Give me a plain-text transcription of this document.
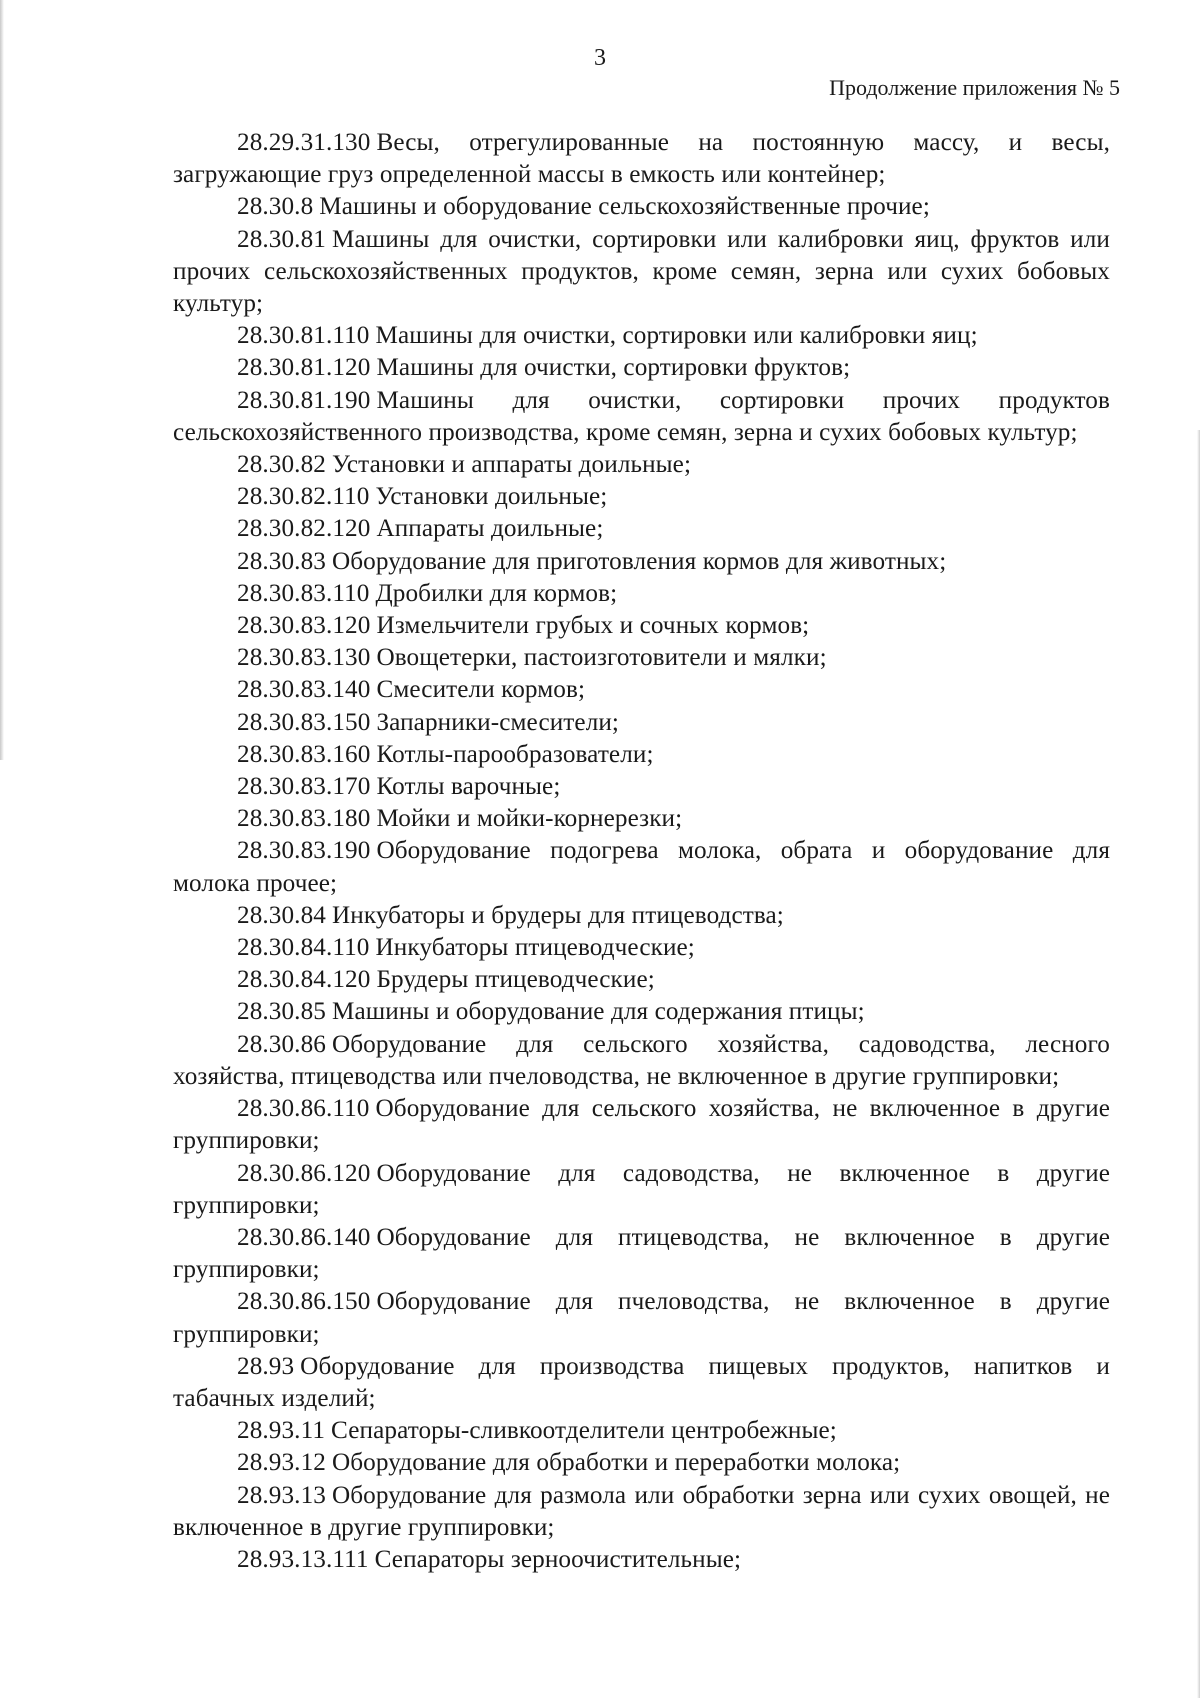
3
Продолжение приложения № 5

28.29.31.130 Весы, отрегулированные на постоянную массу, и весы, загружающие груз определенной массы в емкость или контейнер;

28.30.8 Машины и оборудование сельскохозяйственные прочие;

28.30.81 Машины для очистки, сортировки или калибровки яиц, фруктов или прочих сельскохозяйственных продуктов, кроме семян, зерна или сухих бобовых культур;

28.30.81.110 Машины для очистки, сортировки или калибровки яиц;

28.30.81.120 Машины для очистки, сортировки фруктов;

28.30.81.190 Машины для очистки, сортировки прочих продуктов сельскохозяйственного производства, кроме семян, зерна и сухих бобовых культур;

28.30.82 Установки и аппараты доильные;

28.30.82.110 Установки доильные;

28.30.82.120 Аппараты доильные;

28.30.83 Оборудование для приготовления кормов для животных;

28.30.83.110 Дробилки для кормов;

28.30.83.120 Измельчители грубых и сочных кормов;

28.30.83.130 Овощетерки, пастоизготовители и мялки;

28.30.83.140 Смесители кормов;

28.30.83.150 Запарники-смесители;

28.30.83.160 Котлы-парообразователи;

28.30.83.170 Котлы варочные;

28.30.83.180 Мойки и мойки-корнерезки;

28.30.83.190 Оборудование подогрева молока, обрата и оборудование для молока прочее;

28.30.84 Инкубаторы и брудеры для птицеводства;

28.30.84.110 Инкубаторы птицеводческие;

28.30.84.120 Брудеры птицеводческие;

28.30.85 Машины и оборудование для содержания птицы;

28.30.86 Оборудование для сельского хозяйства, садоводства, лесного хозяйства, птицеводства или пчеловодства, не включенное в другие группировки;

28.30.86.110 Оборудование для сельского хозяйства, не включенное в другие группировки;

28.30.86.120 Оборудование для садоводства, не включенное в другие группировки;

28.30.86.140 Оборудование для птицеводства, не включенное в другие группировки;

28.30.86.150 Оборудование для пчеловодства, не включенное в другие группировки;

28.93 Оборудование для производства пищевых продуктов, напитков и табачных изделий;

28.93.11 Сепараторы-сливкоотделители центробежные;

28.93.12 Оборудование для обработки и переработки молока;

28.93.13 Оборудование для размола или обработки зерна или сухих овощей, не включенное в другие группировки;

28.93.13.111 Сепараторы зерноочистительные;
